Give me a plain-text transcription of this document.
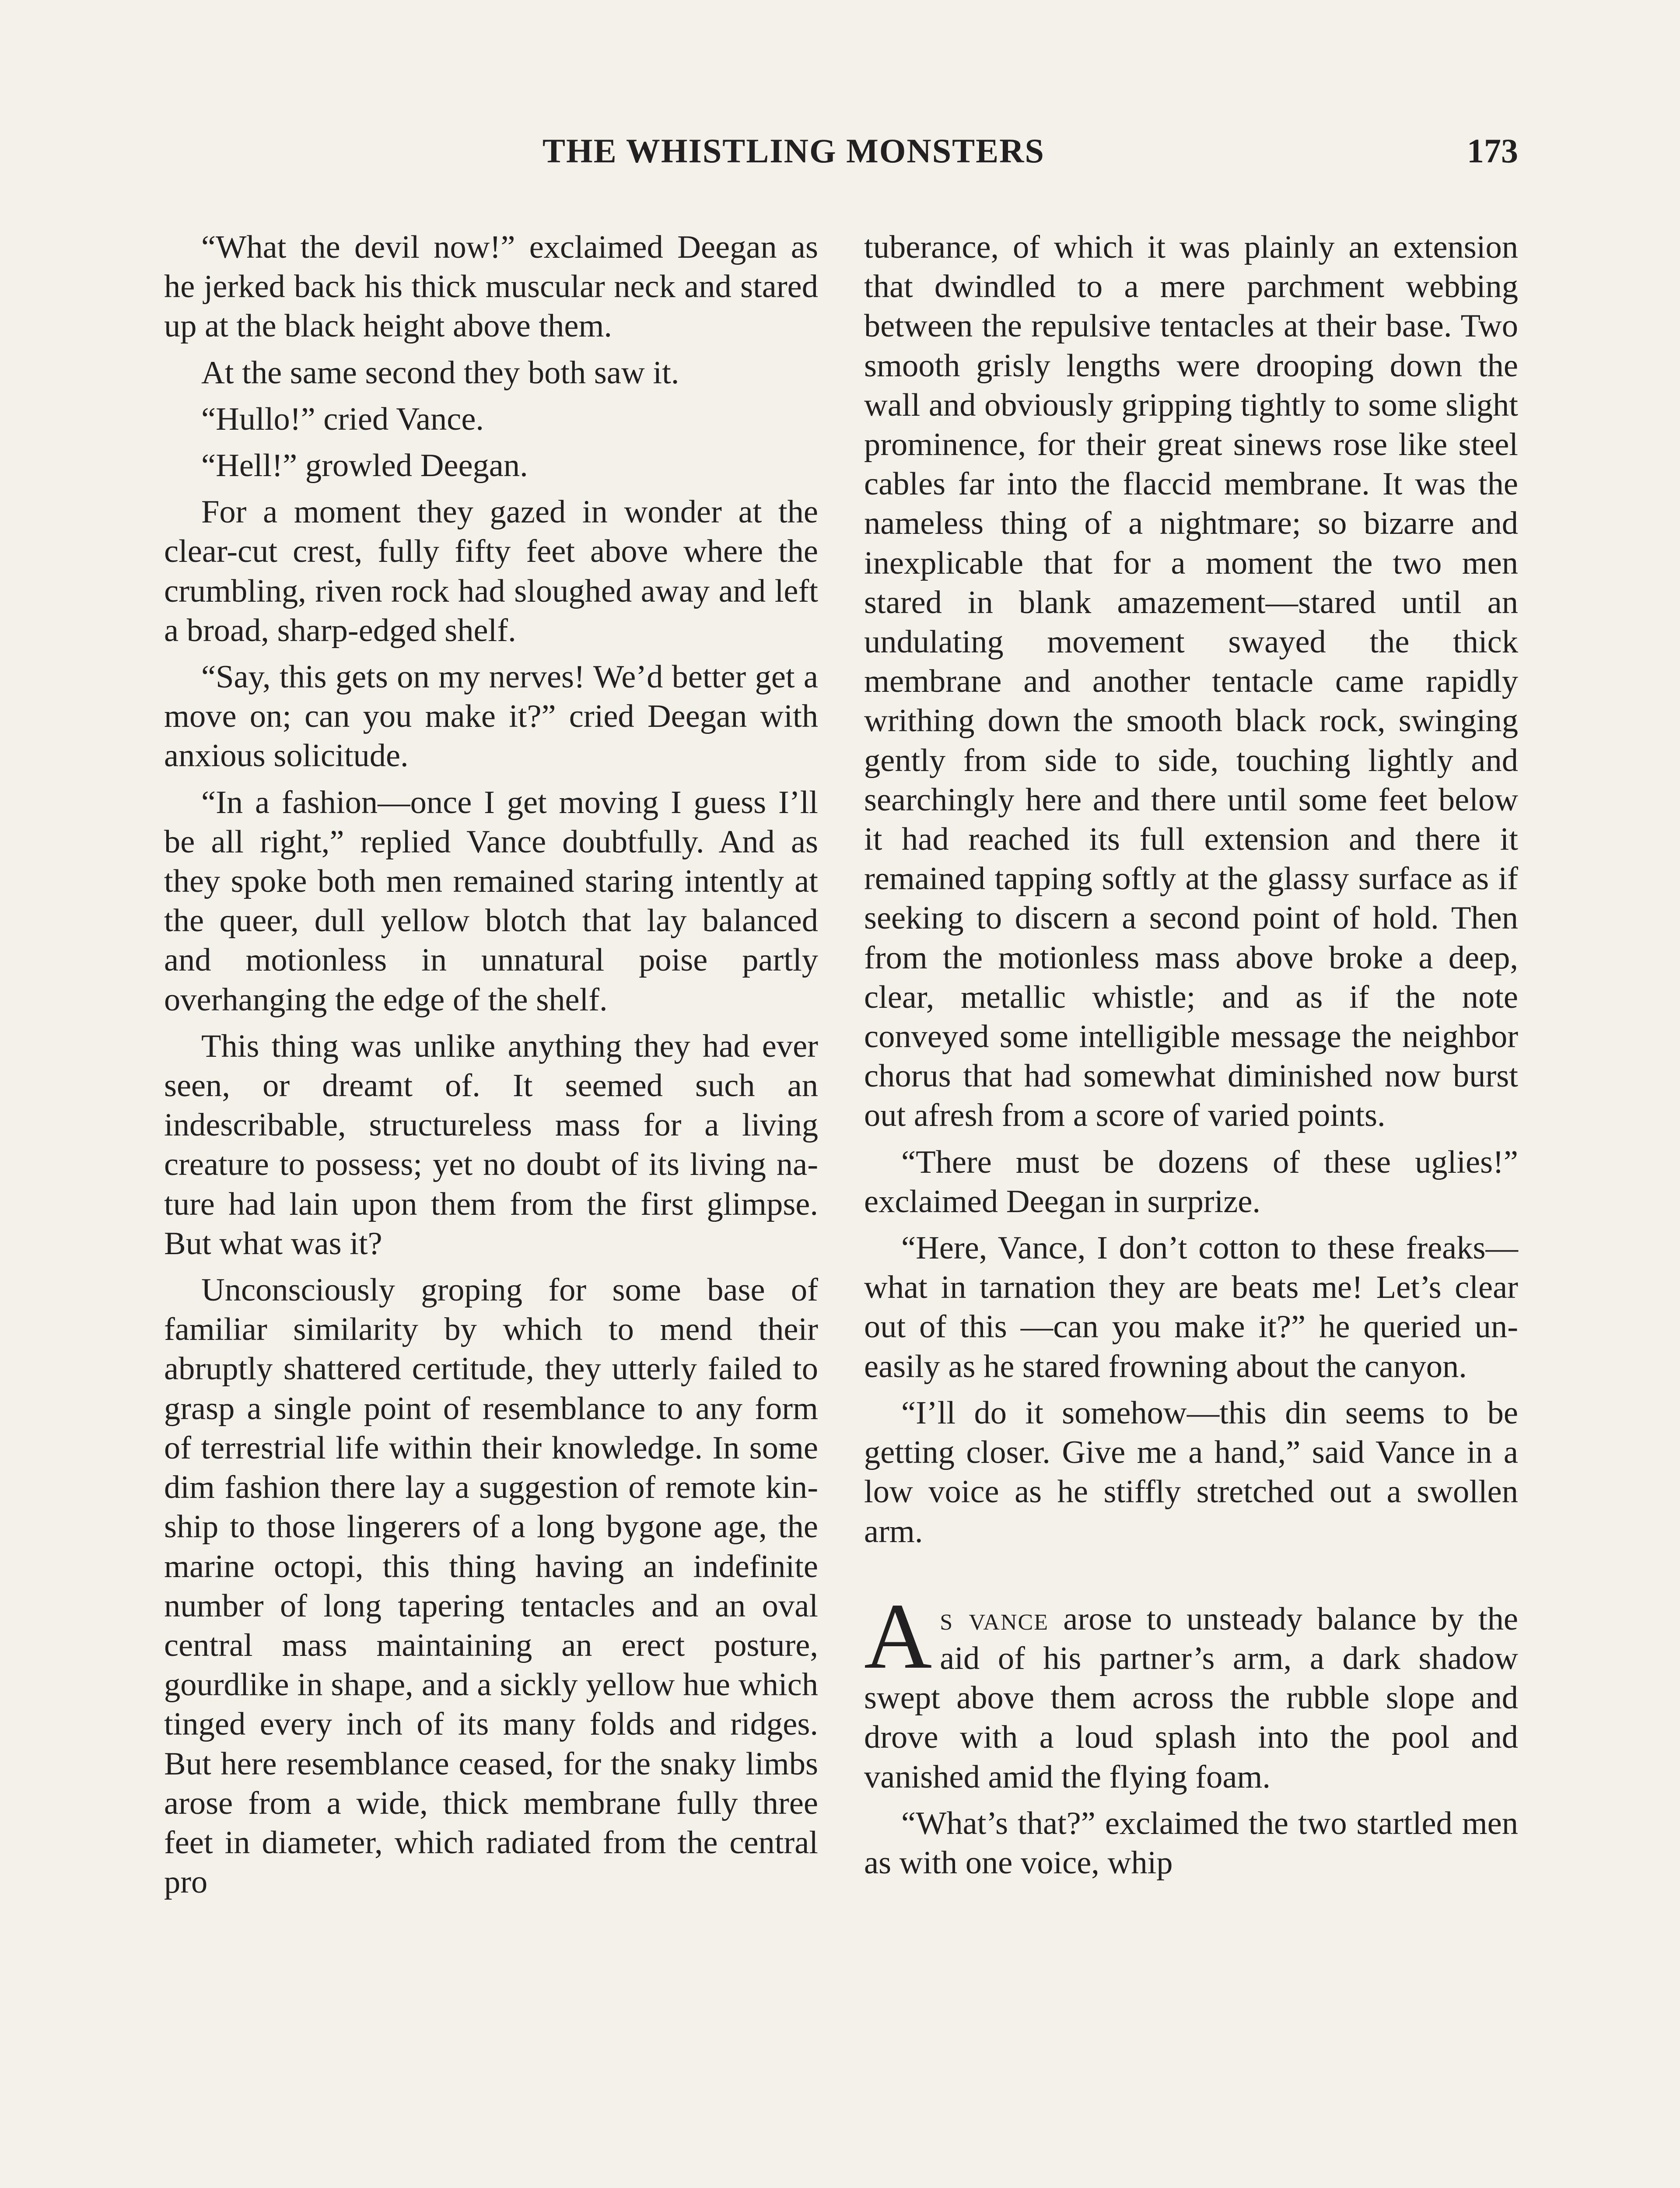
THE WHISTLING MONSTERS	173

“What the devil now!” exclaimed Deegan as he jerked back his thick muscular neck and stared up at the black height above them.

At the same second they both saw it.

“Hullo!” cried Vance.

“Hell!” growled Deegan.

For a moment they gazed in wonder at the clear-cut crest, fully fifty feet above where the crumbling, riven rock had sloughed away and left a broad, sharp-edged shelf.

“Say, this gets on my nerves! We’d better get a move on; can you make it?” cried Deegan with anxious solicitude.

“In a fashion—once I get moving I guess I’ll be all right,” replied Vance doubtfully. And as they spoke both men remained staring intently at the queer, dull yellow blotch that lay balanced and motionless in unnatural poise partly overhanging the edge of the shelf.

This thing was unlike anything they had ever seen, or dreamt of. It seemed such an indescribable, structureless mass for a living creature to possess; yet no doubt of its living nature had lain upon them from the first glimpse. But what was it?

Unconsciously groping for some base of familiar similarity by which to mend their abruptly shattered certitude, they utterly failed to grasp a single point of resemblance to any form of terrestrial life within their knowledge. In some dim fashion there lay a suggestion of remote kinship to those lingerers of a long bygone age, the marine octopi, this thing having an indefinite number of long tapering tentacles and an oval central mass maintaining an erect posture, gourdlike in shape, and a sickly yellow hue which tinged every inch of its many folds and ridges. But here resemblance ceased, for the snaky limbs arose from a wide, thick membrane fully three feet in diameter, which radiated from the central pro

tuberance, of which it was plainly an extension that dwindled to a mere parchment webbing between the repulsive tentacles at their base. Two smooth grisly lengths were drooping down the wall and obviously gripping tightly to some slight prominence, for their great sinews rose like steel cables far into the flaccid membrane. It was the nameless thing of a nightmare; so bizarre and inexplicable that for a moment the two men stared in blank amazement—stared until an undulating movement swayed the thick membrane and another tentacle came rapidly writhing down the smooth black rock, swinging gently from side to side, touching lightly and searchingly here and there until some feet below it had reached its full extension and there it remained tapping softly at the glassy surface as if seeking to discern a second point of hold. Then from the motionless mass above broke a deep, clear, metallic whistle; and as if the note conveyed some intelligible message the neighbor chorus that had somewhat diminished now burst out afresh from a score of varied points.

“There must be dozens of these uglies!” exclaimed Deegan in surprize.

“Here, Vance, I don’t cotton to these freaks—what in tarnation they are beats me! Let’s clear out of this —can you make it?” he queried uneasily as he stared frowning about the canyon.

“I’ll do it somehow—this din seems to be getting closer. Give me a hand,” said Vance in a low voice as he stiffly stretched out a swollen arm.

As vance arose to unsteady balance by the aid of his partner’s arm, a dark shadow swept above them across the rubble slope and drove with a loud splash into the pool and vanished amid the flying foam.

“What’s that?” exclaimed the two startled men as with one voice, whip
